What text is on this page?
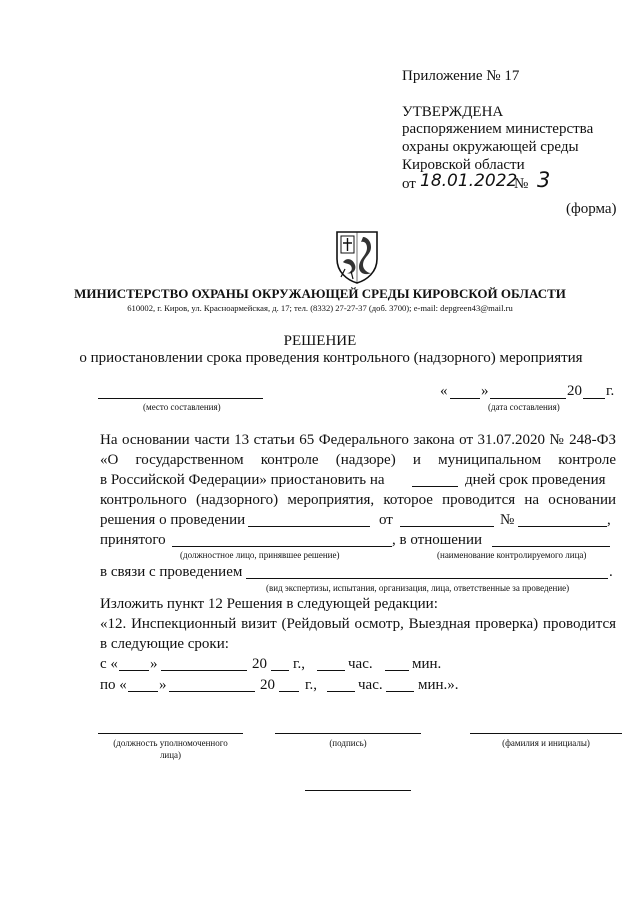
Приложение № 17
УТВЕРЖДЕНА
распоряжением министерства
охраны окружающей среды
Кировской области
от 18.01.2022
№ 3
(форма)
МИНИСТЕРСТВО ОХРАНЫ ОКРУЖАЮЩЕЙ СРЕДЫ КИРОВСКОЙ ОБЛАСТИ
610002, г. Киров, ул. Красноармейская, д. 17; тел. (8332) 27-27-37 (доб. 3700); e-mail: depgreen43@mail.ru
РЕШЕНИЕ
о приостановлении срока проведения контрольного (надзорного) мероприятия
(место составления)
« »	20 г.
(дата составления)
На основании части 13 статьи 65 Федерального закона от 31.07.2020 № 248-ФЗ
«О государственном контроле (надзоре) и муниципальном контроле
в Российской Федерации» приостановить на	дней срок проведения
контрольного (надзорного) мероприятия, которое проводится на основании
решения о проведении	от	№	,
принятого	, в отношении
(должностное лицо, принявшее решение)	(наименование контролируемого лица)
в связи с проведением	.
(вид экспертизы, испытания, организация, лица, ответственные за проведение)
Изложить пункт 12 Решения в следующей редакции:
«12. Инспекционный визит (Рейдовый осмотр, Выездная проверка) проводится
в следующие сроки:
с « »	20 г.,	час.	мин.
по « »	20 г.,	час. мин.».
(должность уполномоченного
лица)
(подпись)	(фамилия и инициалы)
